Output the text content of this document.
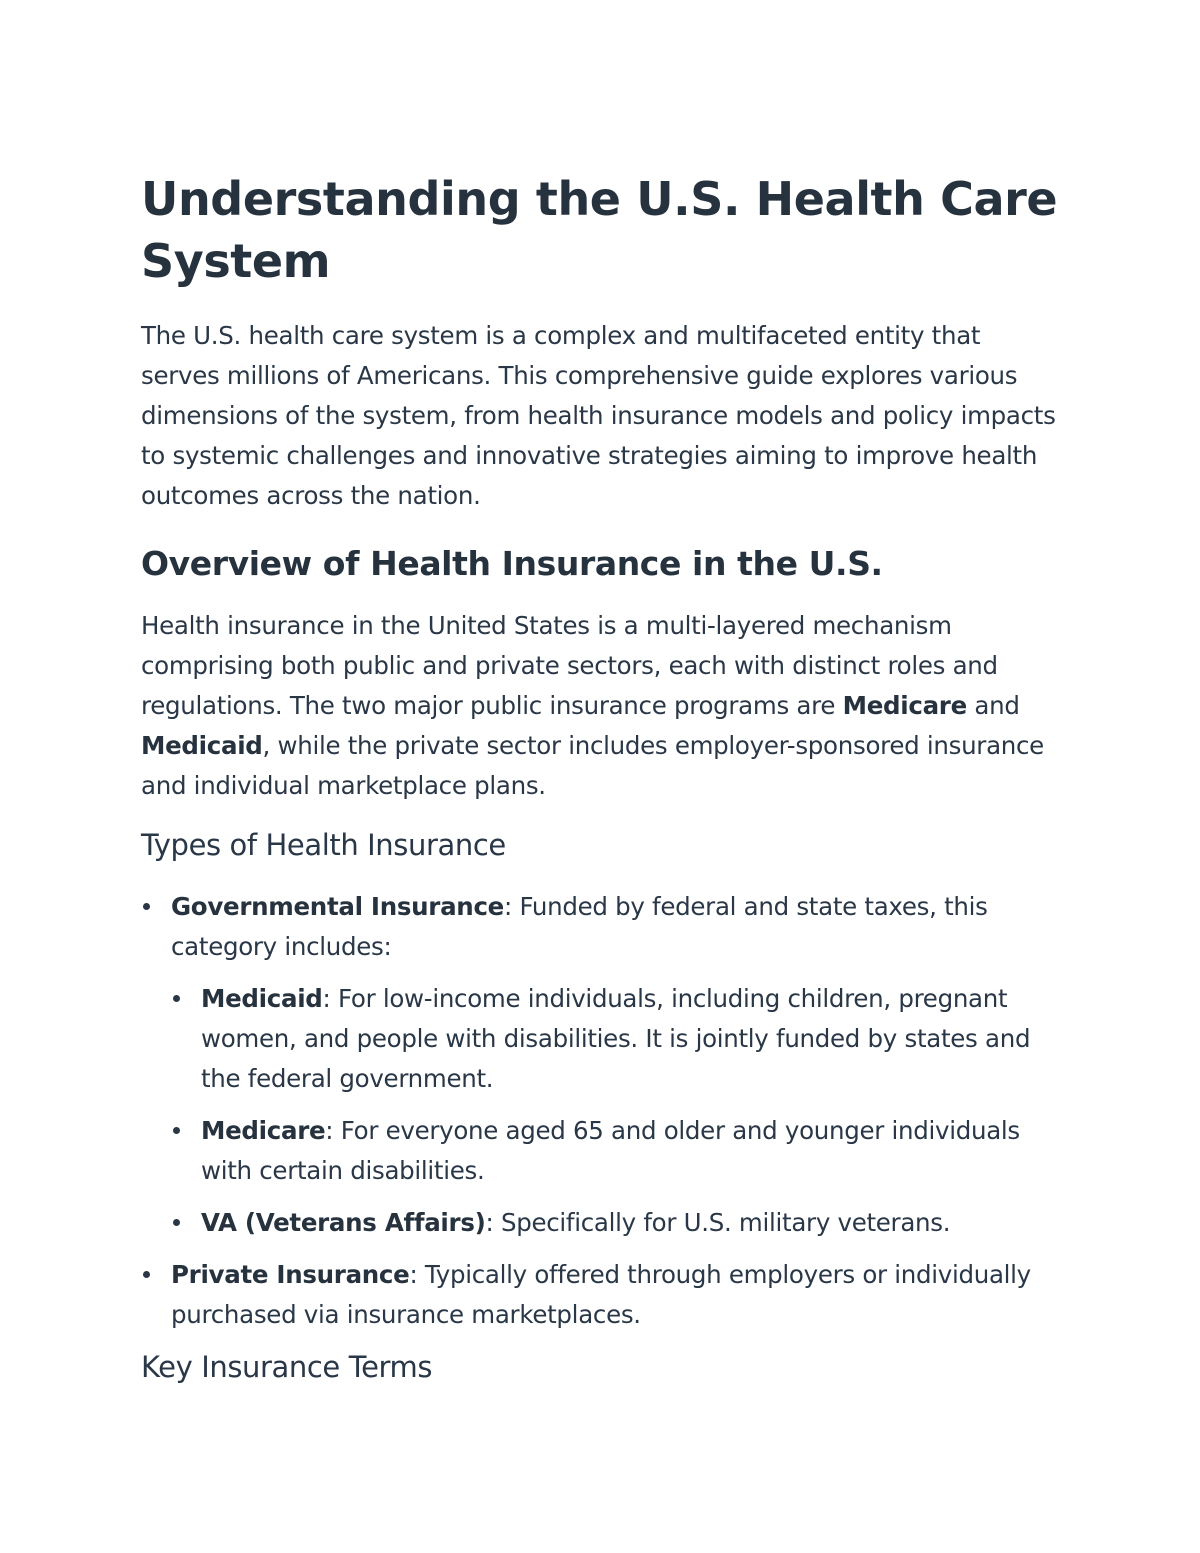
Understanding the U.S. Health Care System

The U.S. health care system is a complex and multifaceted entity that serves millions of Americans. This comprehensive guide explores various dimensions of the system, from health insurance models and policy impacts to systemic challenges and innovative strategies aiming to improve health outcomes across the nation.

Overview of Health Insurance in the U.S.

Health insurance in the United States is a multi-layered mechanism comprising both public and private sectors, each with distinct roles and regulations. The two major public insurance programs are Medicare and Medicaid, while the private sector includes employer-sponsored insurance and individual marketplace plans.

Types of Health Insurance

Governmental Insurance: Funded by federal and state taxes, this category includes:

Medicaid: For low-income individuals, including children, pregnant women, and people with disabilities. It is jointly funded by states and the federal government.

Medicare: For everyone aged 65 and older and younger individuals with certain disabilities.

VA (Veterans Affairs): Specifically for U.S. military veterans.

Private Insurance: Typically offered through employers or individually purchased via insurance marketplaces.

Key Insurance Terms
